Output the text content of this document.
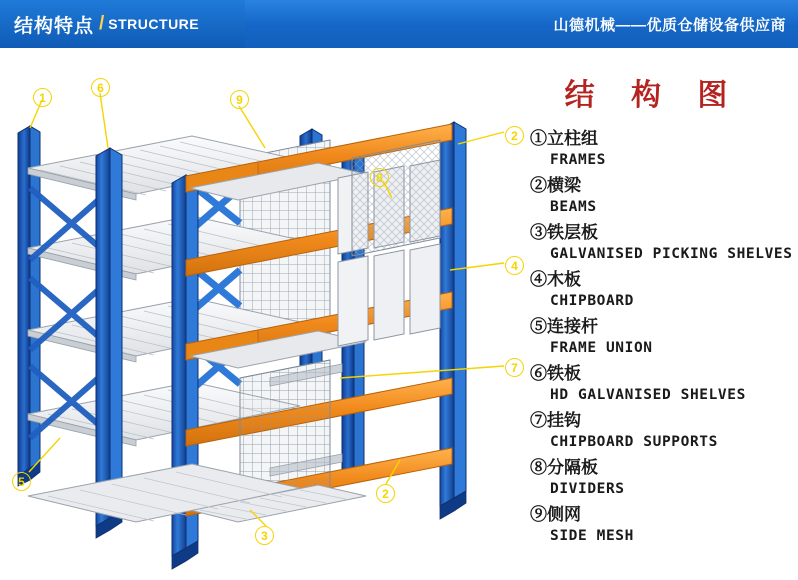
结构特点 / STRUCTURE	山德机械——优质仓储设备供应商
1
6
9
8
5
2
3
2
4
7
结 构 图
①立柱组
FRAMES
②横梁
BEAMS
③铁层板
GALVANISED PICKING SHELVES
④木板
CHIPBOARD
⑤连接杆
FRAME UNION
⑥铁板
HD GALVANISED SHELVES
⑦挂钩
CHIPBOARD SUPPORTS
⑧分隔板
DIVIDERS
⑨侧网
SIDE MESH
